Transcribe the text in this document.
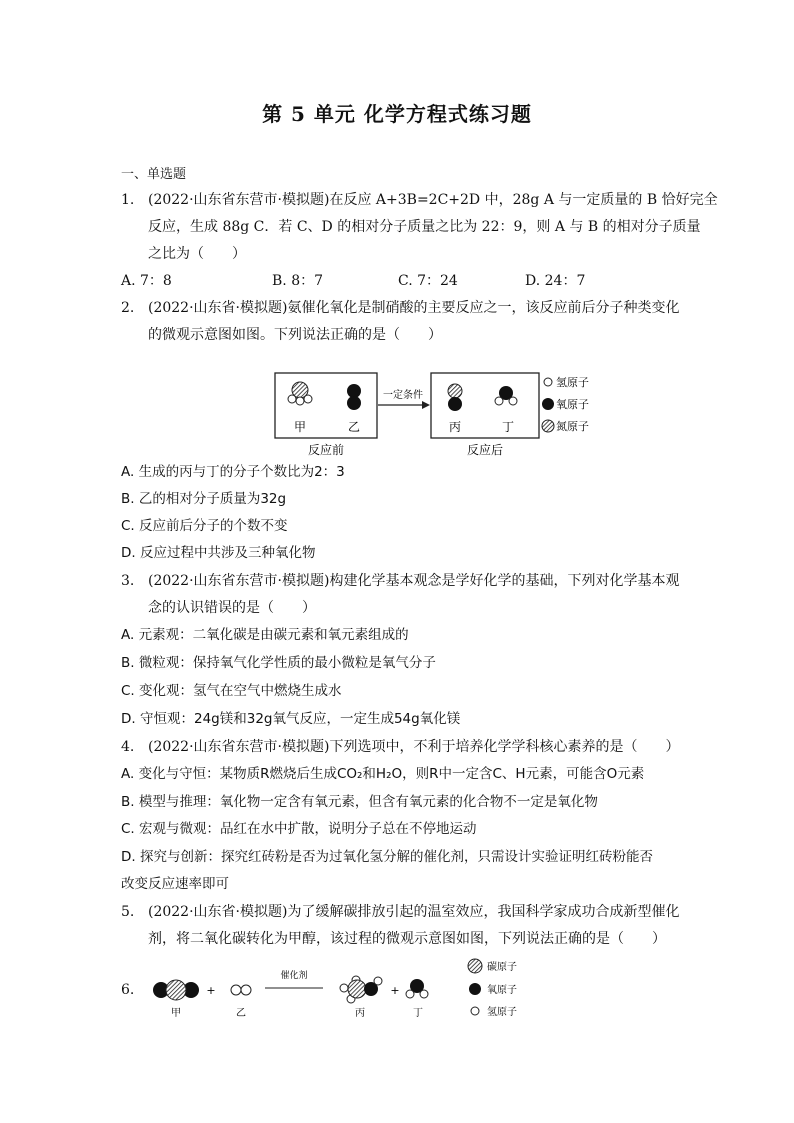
第 5 单元 化学方程式练习题
一、单选题
1. (2022·山东省东营市·模拟题)在反应 A+3B=2C+2D 中，28g A 与一定质量的 B 恰好完全
反应，生成 88g C．若 C、D 的相对分子质量之比为 22：9，则 A 与 B 的相对分子质量
之比为（　　）
A. 7：8	B. 8：7	C. 7：24	D. 24：7
2. (2022·山东省·模拟题)氨催化氧化是制硝酸的主要反应之一，该反应前后分子种类变化
的微观示意图如图。下列说法正确的是（　　）
甲	乙
一定条件
丙	丁
反应前	反应后
氢原子
氧原子
氮原子
A. 生成的丙与丁的分子个数比为2：3
B. 乙的相对分子质量为32g
C. 反应前后分子的个数不变
D. 反应过程中共涉及三种氧化物
3. (2022·山东省东营市·模拟题)构建化学基本观念是学好化学的基础，下列对化学基本观
念的认识错误的是（　　）
A. 元素观：二氧化碳是由碳元素和氧元素组成的
B. 微粒观：保持氧气化学性质的最小微粒是氧气分子
C. 变化观：氢气在空气中燃烧生成水
D. 守恒观：24g镁和32g氧气反应，一定生成54g氧化镁
4. (2022·山东省东营市·模拟题)下列选项中，不利于培养化学学科核心素养的是（　　）
A. 变化与守恒：某物质R燃烧后生成CO₂和H₂O，则R中一定含C、H元素，可能含O元素
B. 模型与推理：氧化物一定含有氧元素，但含有氧元素的化合物不一定是氧化物
C. 宏观与微观：品红在水中扩散，说明分子总在不停地运动
D. 探究与创新：探究红砖粉是否为过氧化氢分解的催化剂，只需设计实验证明红砖粉能否
改变反应速率即可
5. (2022·山东省·模拟题)为了缓解碳排放引起的温室效应，我国科学家成功合成新型催化
剂，将二氧化碳转化为甲醇，该过程的微观示意图如图，下列说法正确的是（　　）
6.	+
催化剂
+
甲	乙	丙	丁
碳原子
氧原子
氢原子
